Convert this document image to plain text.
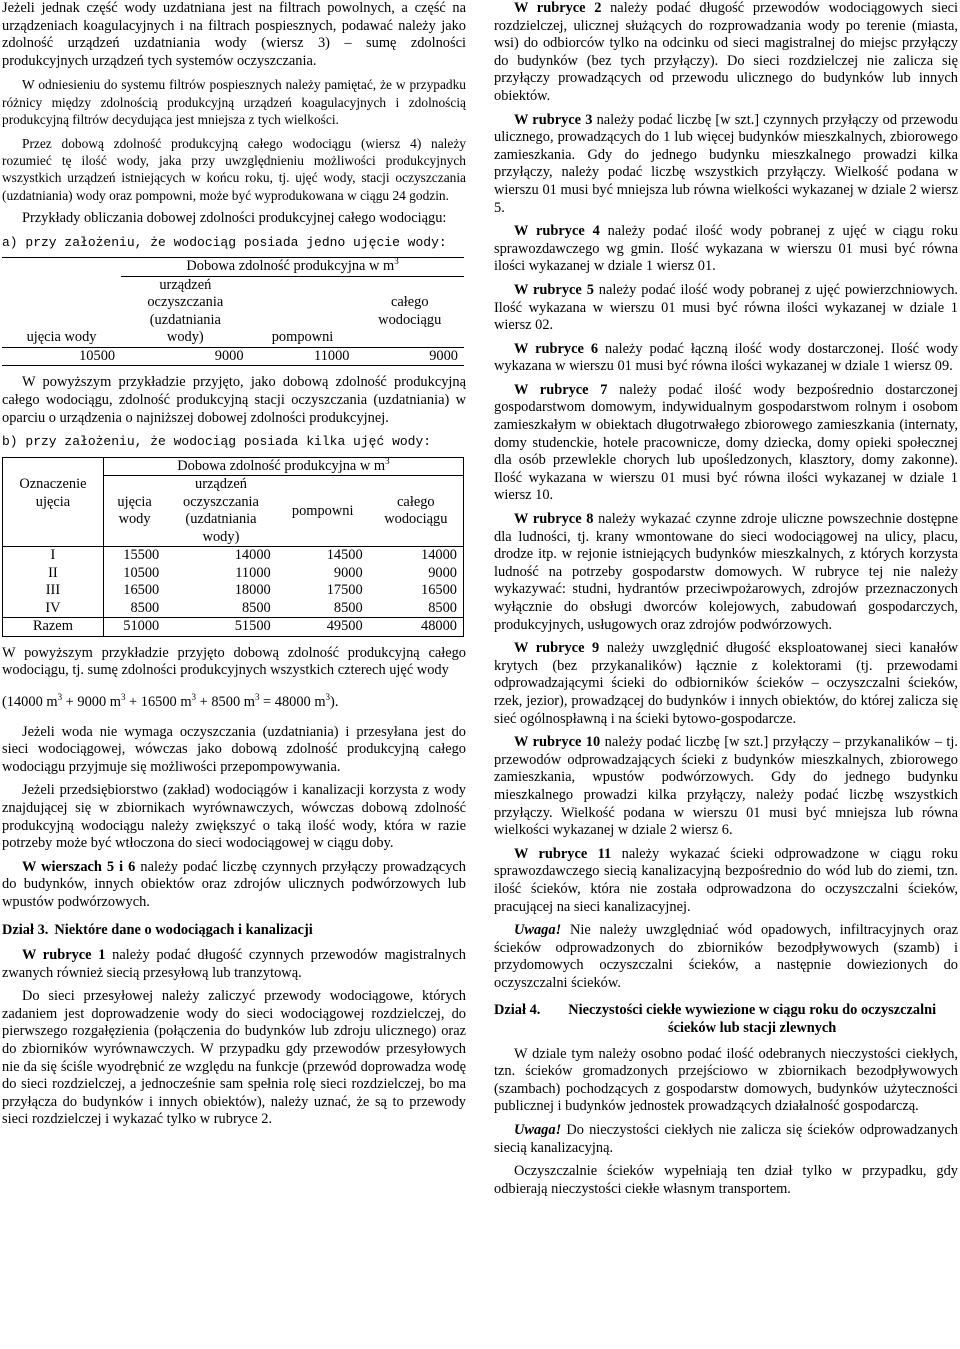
Jeżeli jednak część wody uzdatniana jest na filtrach powolnych, a część na urządzeniach koagulacyjnych i na filtrach pospiesznych, podawać należy jako zdolność urządzeń uzdatniania wody (wiersz 3) – sumę zdolności produkcyjnych urządzeń tych systemów oczyszczania.

W odniesieniu do systemu filtrów pospiesznych należy pamiętać, że w przypadku różnicy między zdolnością produkcyjną urządzeń koagulacyjnych i zdolnością produkcyjną filtrów decydująca jest mniejsza z tych wielkości.

Przez dobową zdolność produkcyjną całego wodociągu (wiersz 4) należy rozumieć tę ilość wody, jaka przy uwzględnieniu możliwości produkcyjnych wszystkich urządzeń istniejących w końcu roku, tj. ujęć wody, stacji oczyszczania (uzdatniania) wody oraz pompowni, może być wyprodukowana w ciągu 24 godzin.

Przykłady obliczania dobowej zdolności produkcyjnej całego wodociągu:

a) przy założeniu, że wodociąg posiada jedno ujęcie wody:

	Dobowa zdolność produkcyjna w $m^3$
ujęcia wody	urządzeń	pompowni	całego
	oczyszczania		
	(uzdatniania		wodociągu
	wody)		
10500	9000	11000	9000

W powyższym przykładzie przyjęto, jako dobową zdolność produkcyjną całego wodociągu, zdolność produkcyjną stacji oczyszczania (uzdatniania) w oparciu o urządzenia o najniższej dobowej zdolności produkcyjnej.

b) przy założeniu, że wodociąg posiada kilka ujęć wody:

	Dobowa zdolność produkcyjna w $m^3$
Oznaczenie
ujęcia	ujęcia
wody	urządzeń	pompowni	całego
wodociągu
		oczyszczania		
		(uzdatniania		
		wody)		
I	15500	14000	14500	14000
II	10500	11000	9000	9000
III	16500	18000	17500	16500
IV	8500	8500	8500	8500
Razem	51000	51500	49500	48000

W powyższym przykładzie przyjęto dobową zdolność produkcyjną całego wodociągu, tj. sumę zdolności produkcyjnych wszystkich czterech ujęć wody

(14000 $m^3 + 9000$ $m^3 + 16500$ $m^3 + 8500$ $m^3 = 48000$ $m^3$).

Jeżeli woda nie wymaga oczyszczania (uzdatniania) i przesyłana jest do sieci wodociągowej, wówczas jako dobową zdolność produkcyjną całego wodociągu przyjmuje się możliwości przepompowywania.

Jeżeli przedsiębiorstwo (zakład) wodociągów i kanalizacji korzysta z wody znajdującej się w zbiornikach wyrównawczych, wówczas dobową zdolność produkcyjną wodociągu należy zwiększyć o taką ilość wody, która w razie potrzeby może być wtłoczona do sieci wodociągowej w ciągu doby.

W wierszach 5 i 6 należy podać liczbę czynnych przyłączy prowadzących do budynków, innych obiektów oraz zdrojów ulicznych podwórzowych lub wpustów podwórzowych.

Dział 3. Niektóre dane o wodociągach i kanalizacji

W rubryce 1 należy podać długość czynnych przewodów magistralnych zwanych również siecią przesyłową lub tranzytową.

Do sieci przesyłowej należy zaliczyć przewody wodociągowe, których zadaniem jest doprowadzenie wody do sieci wodociągowej rozdzielczej, do pierwszego rozgałęzienia (połączenia do budynków lub zdroju ulicznego) oraz do zbiorników wyrównawczych. W przypadku gdy przewodów przesyłowych nie da się ściśle wyodrębnić ze względu na funkcje (przewód doprowadza wodę do sieci rozdzielczej, a jednocześnie sam spełnia rolę sieci rozdzielczej, bo ma przyłącza do budynków i innych obiektów), należy uznać, że są to przewody sieci rozdzielczej i wykazać tylko w rubryce 2.

W rubryce 2 należy podać długość przewodów wodociągowych sieci rozdzielczej, ulicznej służących do rozprowadzania wody po terenie (miasta, wsi) do odbiorców tylko na odcinku od sieci magistralnej do miejsc przyłączy do budynków (bez tych przyłączy). Do sieci rozdzielczej nie zalicza się przyłączy prowadzących od przewodu ulicznego do budynków lub innych obiektów.

W rubryce 3 należy podać liczbę [w szt.] czynnych przyłączy od przewodu ulicznego, prowadzących do 1 lub więcej budynków mieszkalnych, zbiorowego zamieszkania. Gdy do jednego budynku mieszkalnego prowadzi kilka przyłączy, należy podać liczbę wszystkich przyłączy. Wielkość podana w wierszu 01 musi być mniejsza lub równa wielkości wykazanej w dziale 2 wiersz 5.

W rubryce 4 należy podać ilość wody pobranej z ujęć w ciągu roku sprawozdawczego wg gmin. Ilość wykazana w wierszu 01 musi być równa ilości wykazanej w dziale 1 wiersz 01.

W rubryce 5 należy podać ilość wody pobranej z ujęć powierzchniowych. Ilość wykazana w wierszu 01 musi być równa ilości wykazanej w dziale 1 wiersz 02.

W rubryce 6 należy podać łączną ilość wody dostarczonej. Ilość wody wykazana w wierszu 01 musi być równa ilości wykazanej w dziale 1 wiersz 09.

W rubryce 7 należy podać ilość wody bezpośrednio dostarczonej gospodarstwom domowym, indywidualnym gospodarstwom rolnym i osobom zamieszkałym w obiektach długotrwałego zbiorowego zamieszkania (internaty, domy studenckie, hotele pracownicze, domy dziecka, domy opieki społecznej dla osób przewlekle chorych lub upośledzonych, klasztory, domy zakonne). Ilość wykazana w wierszu 01 musi być równa ilości wykazanej w dziale 1 wiersz 10.

W rubryce 8 należy wykazać czynne zdroje uliczne powszechnie dostępne dla ludności, tj. krany wmontowane do sieci wodociągowej na ulicy, placu, drodze itp. w rejonie istniejących budynków mieszkalnych, z których korzysta ludność na potrzeby gospodarstw domowych. W rubryce tej nie należy wykazywać: studni, hydrantów przeciwpożarowych, zdrojów przeznaczonych wyłącznie do obsługi dworców kolejowych, zabudowań gospodarczych, produkcyjnych, usługowych oraz zdrojów podwórzowych.

W rubryce 9 należy uwzględnić długość eksploatowanej sieci kanałów krytych (bez przykanalików) łącznie z kolektorami (tj. przewodami odprowadzającymi ścieki do odbiorników ścieków – oczyszczalni ścieków, rzek, jezior), prowadzącej do budynków i innych obiektów, do której zalicza się sieć ogólnospławną i na ścieki bytowo-gospodarcze.

W rubryce 10 należy podać liczbę [w szt.] przyłączy – przykanalików – tj. przewodów odprowadzających ścieki z budynków mieszkalnych, zbiorowego zamieszkania, wpustów podwórzowych. Gdy do jednego budynku mieszkalnego prowadzi kilka przyłączy, należy podać liczbę wszystkich przyłączy. Wielkość podana w wierszu 01 musi być mniejsza lub równa wielkości wykazanej w dziale 2 wiersz 6.

W rubryce 11 należy wykazać ścieki odprowadzone w ciągu roku sprawozdawczego siecią kanalizacyjną bezpośrednio do wód lub do ziemi, tzn. ilość ścieków, która nie została odprowadzona do oczyszczalni ścieków, pracującej na sieci kanalizacyjnej.

Uwaga! Nie należy uwzględniać wód opadowych, infiltracyjnych oraz ścieków odprowadzonych do zbiorników bezodpływowych (szamb) i przydomowych oczyszczalni ścieków, a następnie dowiezionych do oczyszczalni ścieków.

Dział 4.	Nieczystości ciekłe wywiezione w ciągu roku do oczyszczalni ścieków lub stacji zlewnych

W dziale tym należy osobno podać ilość odebranych nieczystości ciekłych, tzn. ścieków gromadzonych przejściowo w zbiornikach bezodpływowych (szambach) pochodzących z gospodarstw domowych, budynków użyteczności publicznej i budynków jednostek prowadzących działalność gospodarczą.

Uwaga! Do nieczystości ciekłych nie zalicza się ścieków odprowadzanych siecią kanalizacyjną.

Oczyszczalnie ścieków wypełniają ten dział tylko w przypadku, gdy odbierają nieczystości ciekłe własnym transportem.
